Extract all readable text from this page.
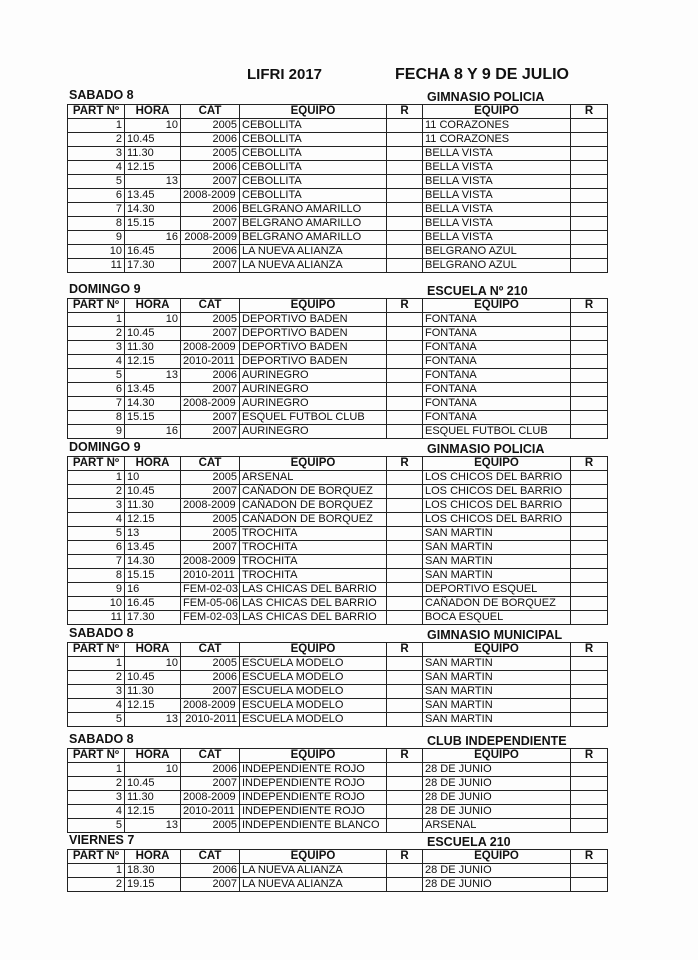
LIFRI 2017	FECHA 8 Y 9 DE JULIO
SABADO 8	GIMNASIO POLICIA
PART Nº	HORA	CAT	EQUIPO	R	EQUIPO	R
1	10	2005	CEBOLLITA		11 CORAZONES	
2	10.45	2006	CEBOLLITA		11 CORAZONES	
3	11.30	2005	CEBOLLITA		BELLA VISTA	
4	12.15	2006	CEBOLLITA		BELLA VISTA	
5	13	2007	CEBOLLITA		BELLA VISTA	
6	13.45	2008-2009	CEBOLLITA		BELLA VISTA	
7	14.30	2006	BELGRANO AMARILLO		BELLA VISTA	
8	15.15	2007	BELGRANO AMARILLO		BELLA VISTA	
9	16	2008-2009	BELGRANO AMARILLO		BELLA VISTA	
10	16.45	2006	LA NUEVA ALIANZA		BELGRANO AZUL	
11	17.30	2007	LA NUEVA ALIANZA		BELGRANO AZUL	
DOMINGO 9	ESCUELA Nº 210
PART Nº	HORA	CAT	EQUIPO	R	EQUIPO	R
1	10	2005	DEPORTIVO BADEN		FONTANA	
2	10.45	2007	DEPORTIVO BADEN		FONTANA	
3	11.30	2008-2009	DEPORTIVO BADEN		FONTANA	
4	12.15	2010-2011	DEPORTIVO BADEN		FONTANA	
5	13	2006	AURINEGRO		FONTANA	
6	13.45	2007	AURINEGRO		FONTANA	
7	14.30	2008-2009	AURINEGRO		FONTANA	
8	15.15	2007	ESQUEL FUTBOL CLUB		FONTANA	
9	16	2007	AURINEGRO		ESQUEL FUTBOL CLUB	
DOMINGO 9	GINMASIO POLICIA
PART Nº	HORA	CAT	EQUIPO	R	EQUIPO	R
1	10	2005	ARSENAL		LOS CHICOS DEL BARRIO	
2	10.45	2007	CAÑADON DE BORQUEZ		LOS CHICOS DEL BARRIO	
3	11.30	2008-2009	CAÑADON DE BORQUEZ		LOS CHICOS DEL BARRIO	
4	12.15	2005	CAÑADON DE BORQUEZ		LOS CHICOS DEL BARRIO	
5	13	2005	TROCHITA		SAN MARTIN	
6	13.45	2007	TROCHITA		SAN MARTIN	
7	14.30	2008-2009	TROCHITA		SAN MARTIN	
8	15.15	2010-2011	TROCHITA		SAN MARTIN	
9	16	FEM-02-03	LAS CHICAS DEL BARRIO		DEPORTIVO ESQUEL	
10	16.45	FEM-05-06	LAS CHICAS DEL BARRIO		CAÑADON DE BORQUEZ	
11	17.30	FEM-02-03	LAS CHICAS DEL BARRIO		BOCA ESQUEL	
SABADO 8	GIMNASIO MUNICIPAL
PART Nº	HORA	CAT	EQUIPO	R	EQUIPO	R
1	10	2005	ESCUELA MODELO		SAN MARTIN	
2	10.45	2006	ESCUELA MODELO		SAN MARTIN	
3	11.30	2007	ESCUELA MODELO		SAN MARTIN	
4	12.15	2008-2009	ESCUELA MODELO		SAN MARTIN	
5	13	2010-2011	ESCUELA MODELO		SAN MARTIN	
SABADO 8	CLUB INDEPENDIENTE
PART Nº	HORA	CAT	EQUIPO	R	EQUIPO	R
1	10	2006	INDEPENDIENTE ROJO		28 DE JUNIO	
2	10.45	2007	INDEPENDIENTE ROJO		28 DE JUNIO	
3	11.30	2008-2009	INDEPENDIENTE ROJO		28 DE JUNIO	
4	12.15	2010-2011	INDEPENDIENTE ROJO		28 DE JUNIO	
5	13	2005	INDEPENDIENTE BLANCO		ARSENAL	
VIERNES 7	ESCUELA 210
PART Nº	HORA	CAT	EQUIPO	R	EQUIPO	R
1	18.30	2006	LA NUEVA ALIANZA		28 DE JUNIO	
2	19.15	2007	LA NUEVA ALIANZA		28 DE JUNIO	
